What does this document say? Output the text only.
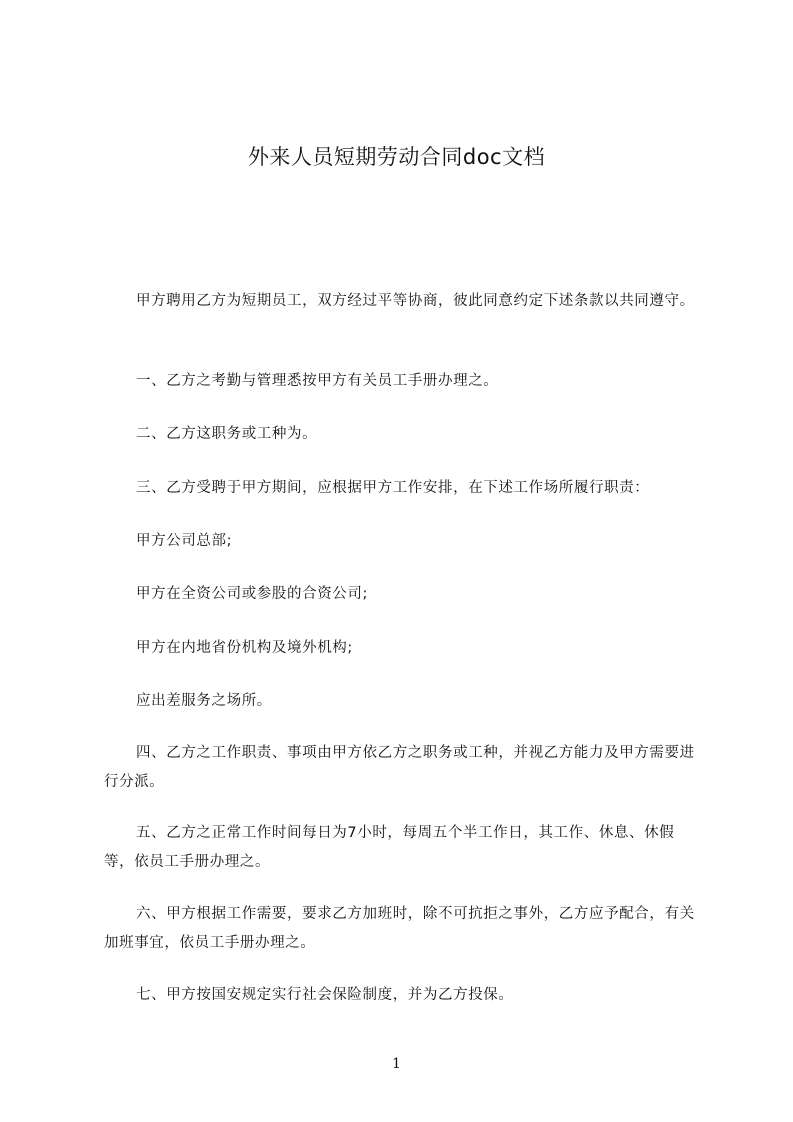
外来人员短期劳动合同doc文档

甲方聘用乙方为短期员工，双方经过平等协商，彼此同意约定下述条款以共同遵守。

一、乙方之考勤与管理悉按甲方有关员工手册办理之。

二、乙方这职务或工种为。

三、乙方受聘于甲方期间，应根据甲方工作安排，在下述工作场所履行职责：

甲方公司总部;

甲方在全资公司或参股的合资公司;

甲方在内地省份机构及境外机构;

应出差服务之场所。

四、乙方之工作职责、事项由甲方依乙方之职务或工种，并视乙方能力及甲方需要进行分派。

五、乙方之正常工作时间每日为7小时，每周五个半工作日，其工作、休息、休假等，依员工手册办理之。

六、甲方根据工作需要，要求乙方加班时，除不可抗拒之事外，乙方应予配合，有关加班事宜，依员工手册办理之。

七、甲方按国安规定实行社会保险制度，并为乙方投保。

1
